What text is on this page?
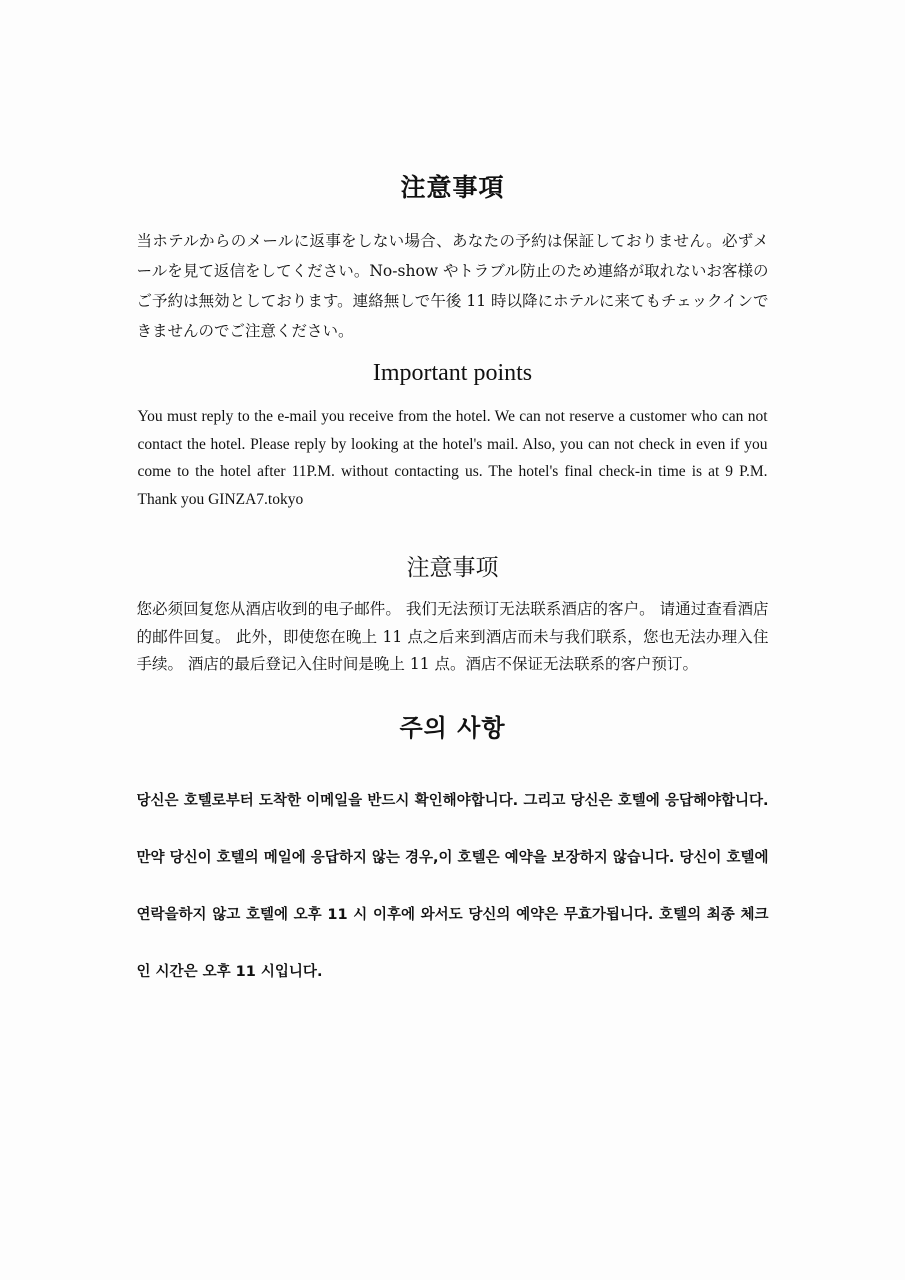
注意事項

当ホテルからのメールに返事をしない場合、あなたの予約は保証しておりません。必ずメールを見て返信をしてください。No-show やトラブル防止のため連絡が取れないお客様のご予約は無効としております。連絡無しで午後 11 時以降にホテルに来てもチェックインできませんのでご注意ください。

Important points

You must reply to the e-mail you receive from the hotel. We can not reserve a customer who can not contact the hotel. Please reply by looking at the hotel's mail. Also, you can not check in even if you come to the hotel after 11P.M. without contacting us. The hotel's final check-in time is at 9 P.M. Thank you GINZA7.tokyo

注意事项

您必须回复您从酒店收到的电子邮件。 我们无法预订无法联系酒店的客户。 请通过查看酒店的邮件回复。 此外，即使您在晚上 11 点之后来到酒店而未与我们联系，您也无法办理入住手续。 酒店的最后登记入住时间是晚上 11 点。酒店不保证无法联系的客户预订。

주의 사항

당신은 호텔로부터 도착한 이메일을 반드시 확인해야합니다. 그리고 당신은 호텔에 응답해야합니다. 만약 당신이 호텔의 메일에 응답하지 않는 경우,이 호텔은 예약을 보장하지 않습니다. 당신이 호텔에 연락을하지 않고 호텔에 오후 11 시 이후에 와서도 당신의 예약은 무효가됩니다. 호텔의 최종 체크인 시간은 오후 11 시입니다.
